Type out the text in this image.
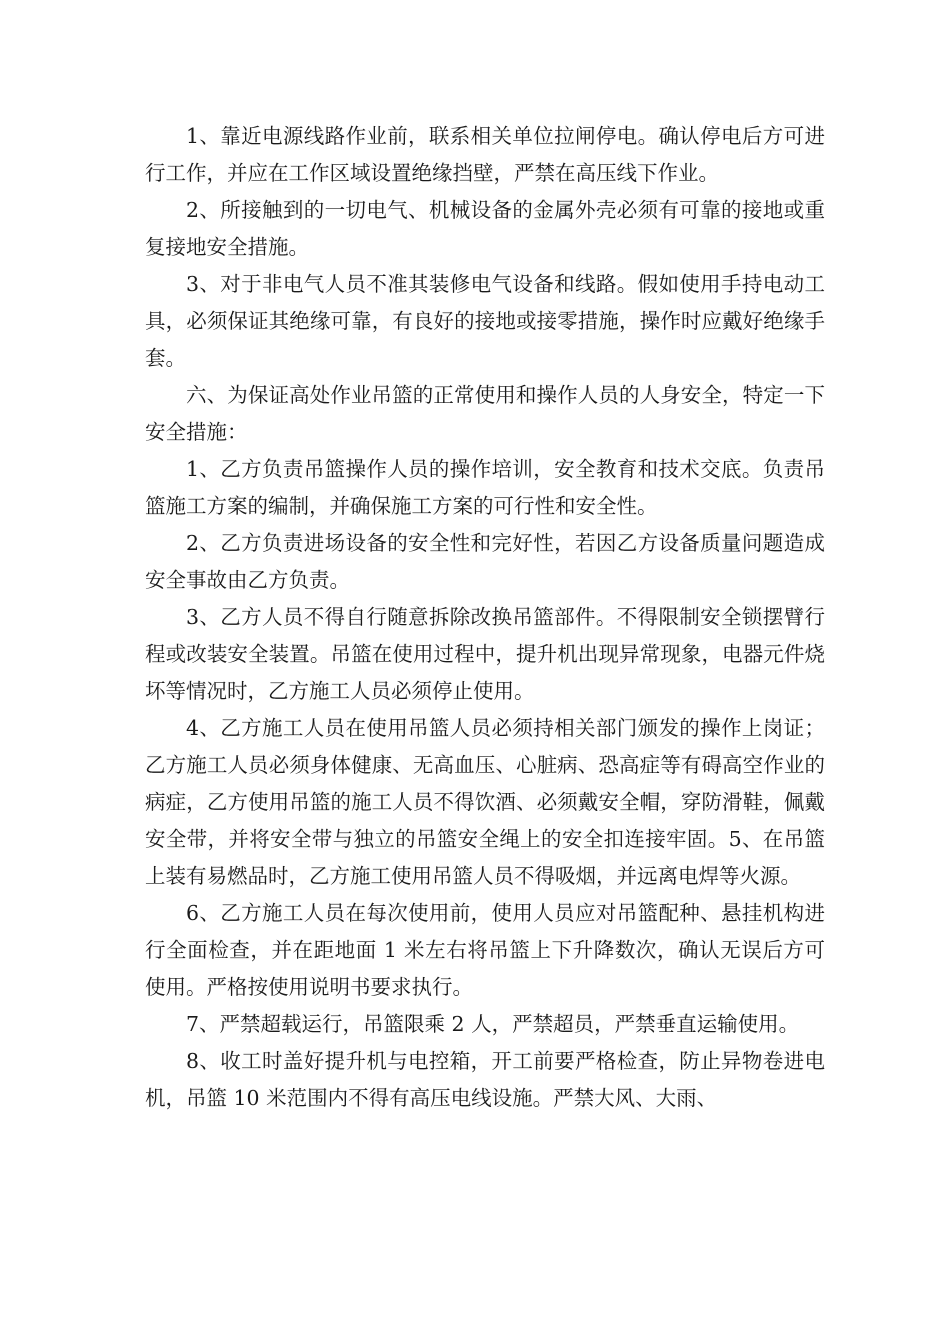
1、靠近电源线路作业前，联系相关单位拉闸停电。确认停电后方可进行工作，并应在工作区域设置绝缘挡壁，严禁在高压线下作业。

2、所接触到的一切电气、机械设备的金属外壳必须有可靠的接地或重复接地安全措施。

3、对于非电气人员不准其装修电气设备和线路。假如使用手持电动工具，必须保证其绝缘可靠，有良好的接地或接零措施，操作时应戴好绝缘手套。

六、为保证高处作业吊篮的正常使用和操作人员的人身安全，特定一下安全措施：

1、乙方负责吊篮操作人员的操作培训，安全教育和技术交底。负责吊篮施工方案的编制，并确保施工方案的可行性和安全性。

2、乙方负责进场设备的安全性和完好性，若因乙方设备质量问题造成安全事故由乙方负责。

3、乙方人员不得自行随意拆除改换吊篮部件。不得限制安全锁摆臂行程或改装安全装置。吊篮在使用过程中，提升机出现异常现象，电器元件烧坏等情况时，乙方施工人员必须停止使用。

4、乙方施工人员在使用吊篮人员必须持相关部门颁发的操作上岗证；乙方施工人员必须身体健康、无高血压、心脏病、恐高症等有碍高空作业的病症，乙方使用吊篮的施工人员不得饮酒、必须戴安全帽，穿防滑鞋，佩戴安全带，并将安全带与独立的吊篮安全绳上的安全扣连接牢固。5、在吊篮上装有易燃品时，乙方施工使用吊篮人员不得吸烟，并远离电焊等火源。

6、乙方施工人员在每次使用前，使用人员应对吊篮配种、悬挂机构进行全面检查，并在距地面 1 米左右将吊篮上下升降数次，确认无误后方可使用。严格按使用说明书要求执行。

7、严禁超载运行，吊篮限乘 2 人，严禁超员，严禁垂直运输使用。

8、收工时盖好提升机与电控箱，开工前要严格检查，防止异物卷进电机，吊篮 10 米范围内不得有高压电线设施。严禁大风、大雨、
